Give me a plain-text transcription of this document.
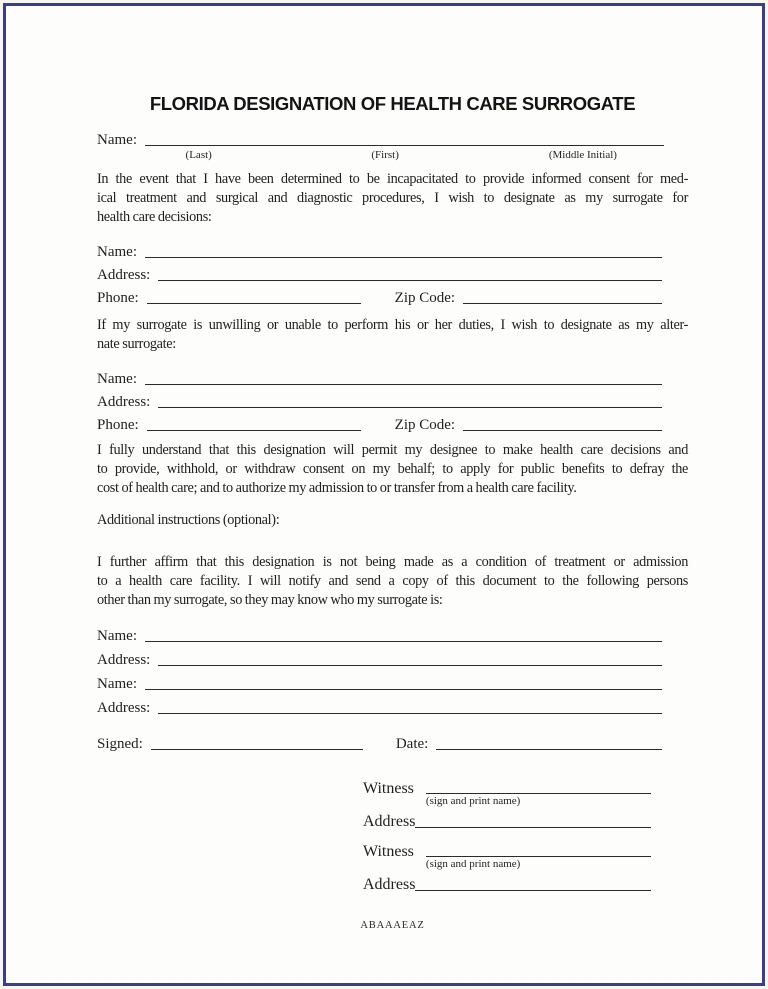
FLORIDA DESIGNATION OF HEALTH CARE SURROGATE
Name:
(Last)	(First)	(Middle Initial)
In the event that I have been determined to be incapacitated to provide informed consent for med-
ical treatment and surgical and diagnostic procedures, I wish to designate as my surrogate for
health care decisions:
Name:
Address:
Phone:	Zip Code:
If my surrogate is unwilling or unable to perform his or her duties, I wish to designate as my alter-
nate surrogate:
Name:
Address:
Phone:	Zip Code:
I fully understand that this designation will permit my designee to make health care decisions and
to provide, withhold, or withdraw consent on my behalf; to apply for public benefits to defray the
cost of health care; and to authorize my admission to or transfer from a health care facility.
Additional instructions (optional):
I further affirm that this designation is not being made as a condition of treatment or admission
to a health care facility. I will notify and send a copy of this document to the following persons
other than my surrogate, so they may know who my surrogate is:
Name:
Address:
Name:
Address:
Signed:	Date:
Witness
(sign and print name)
Address
Witness
(sign and print name)
Address
ABAAAEAZ
